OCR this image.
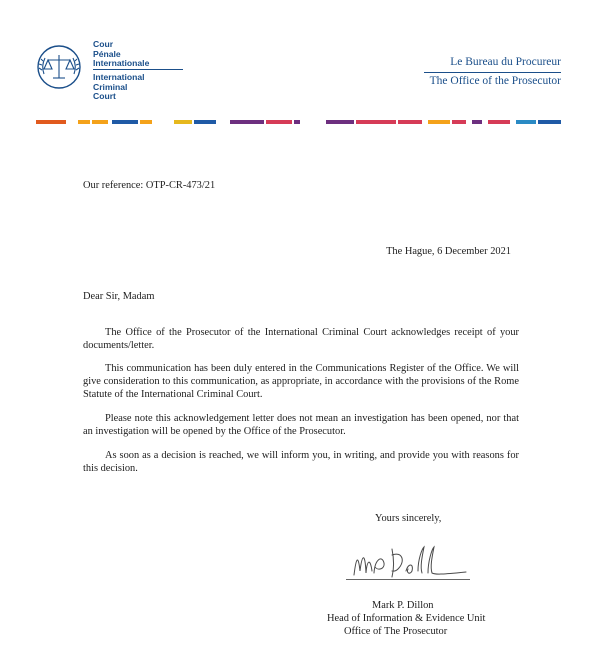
Cour
Pénale
Internationale
International
Criminal
Court
Le Bureau du Procureur
The Office of the Prosecutor
Our reference: OTP-CR-473/21
The Hague, 6 December 2021
Dear Sir, Madam
The Office of the Prosecutor of the International Criminal Court acknowledges receipt of your documents/letter.
This communication has been duly entered in the Communications Register of the Office. We will give consideration to this communication, as appropriate, in accordance with the provisions of the Rome Statute of the International Criminal Court.
Please note this acknowledgement letter does not mean an investigation has been opened, nor that an investigation will be opened by the Office of the Prosecutor.
As soon as a decision is reached, we will inform you, in writing, and provide you with reasons for this decision.
Yours sincerely,
Mark P. Dillon
Head of Information & Evidence Unit
Office of The Prosecutor
